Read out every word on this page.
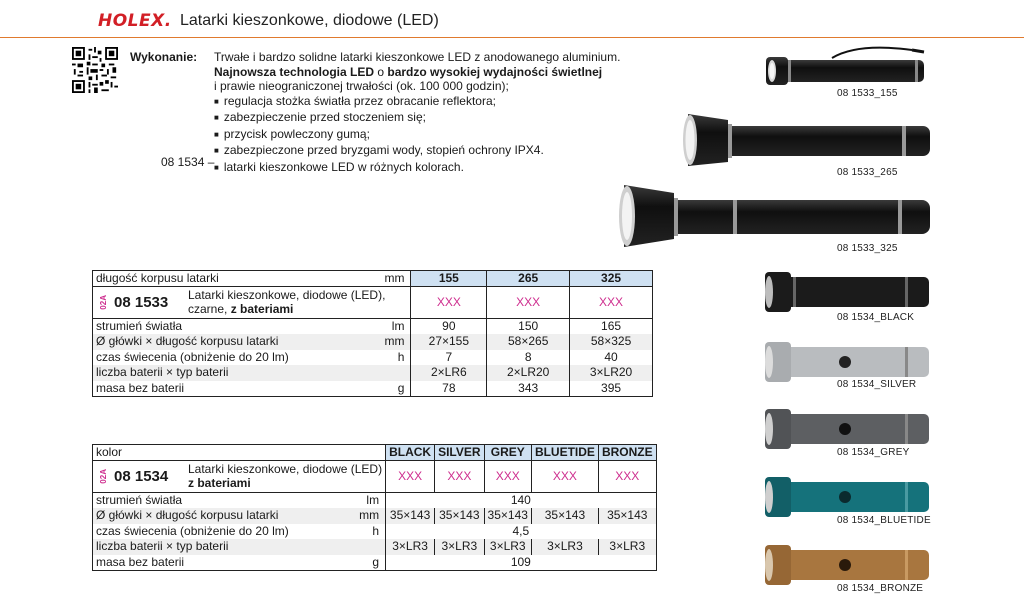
HOLEX. Latarki kieszonkowe, diodowe (LED)
Wykonanie: Trwałe i bardzo solidne latarki kieszonkowe LED z anodowanego aluminium.
Najnowsza technologia LED o bardzo wysokiej wydajności świetlnej
i prawie nieograniczonej trwałości (ok. 100 000 godzin);
■ regulacja stożka światła przez obracanie reflektora;
■ zabezpieczenie przed stoczeniem się;
■ przycisk powleczony gumą;
■ zabezpieczone przed bryzgami wody, stopień ochrony IPX4.
■ latarki kieszonkowe LED w różnych kolorach.
08 1534 –
długość korpusu latarki	mm	155	265	325

02A 08 1533 Latarki kieszonkowe, diodowe (LED),
czarne, z bateriami		XXX	XXX	XXX
strumień światła	lm	90	150	165
Ø główki × długość korpusu latarki	mm	27×155	58×265	58×325
czas świecenia (obniżenie do 20 lm)	h	7	8	40
liczba baterii × typ baterii		2×LR6	2×LR20	3×LR20
masa bez baterii	g	78	343	395
kolor		BLACK	SILVER	GREY	BLUETIDE	BRONZE

02A 08 1534 Latarki kieszonkowe, diodowe (LED)
z bateriami		XXX	XXX	XXX	XXX	XXX
strumień światła	lm	140				
Ø główki × długość korpusu latarki	mm	35×143	35×143	35×143	35×143	35×143
czas świecenia (obniżenie do 20 lm)	h	4,5				
liczba baterii × typ baterii		3×LR3	3×LR3	3×LR3	3×LR3	3×LR3
masa bez baterii	g	109				
08 1533_155
08 1533_265
08 1533_325
08 1534_BLACK
08 1534_SILVER
08 1534_GREY
08 1534_BLUETIDE
08 1534_BRONZE
